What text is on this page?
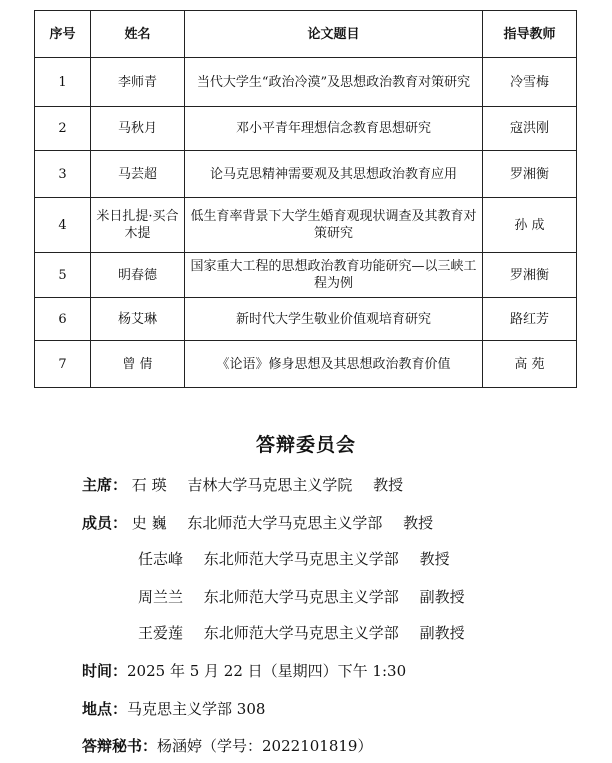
序号	姓名	论文题目	指导教师
1	李师青	当代大学生“政治冷漠”及思想政治教育对策研究	冷雪梅
2	马秋月	邓小平青年理想信念教育思想研究	寇洪刚
3	马芸超	论马克思精神需要观及其思想政治教育应用	罗湘衡
4	米日扎提·买合木提	低生育率背景下大学生婚育观现状调查及其教育对策研究	孙 成
5	明春德	国家重大工程的思想政治教育功能研究—以三峡工程为例	罗湘衡
6	杨艾琳	新时代大学生敬业价值观培育研究	路红芳
7	曾 倩	《论语》修身思想及其思想政治教育价值	高 苑
答辩委员会
主席： 石 瑛 吉林大学马克思主义学院 教授
成员： 史 巍 东北师范大学马克思主义学部 教授
任志峰 东北师范大学马克思主义学部 教授
周兰兰 东北师范大学马克思主义学部 副教授
王爱莲 东北师范大学马克思主义学部 副教授
时间：2025 年 5 月 22 日（星期四）下午 1:30
地点：马克思主义学部 308
答辩秘书：杨涵婷（学号：2022101819）
